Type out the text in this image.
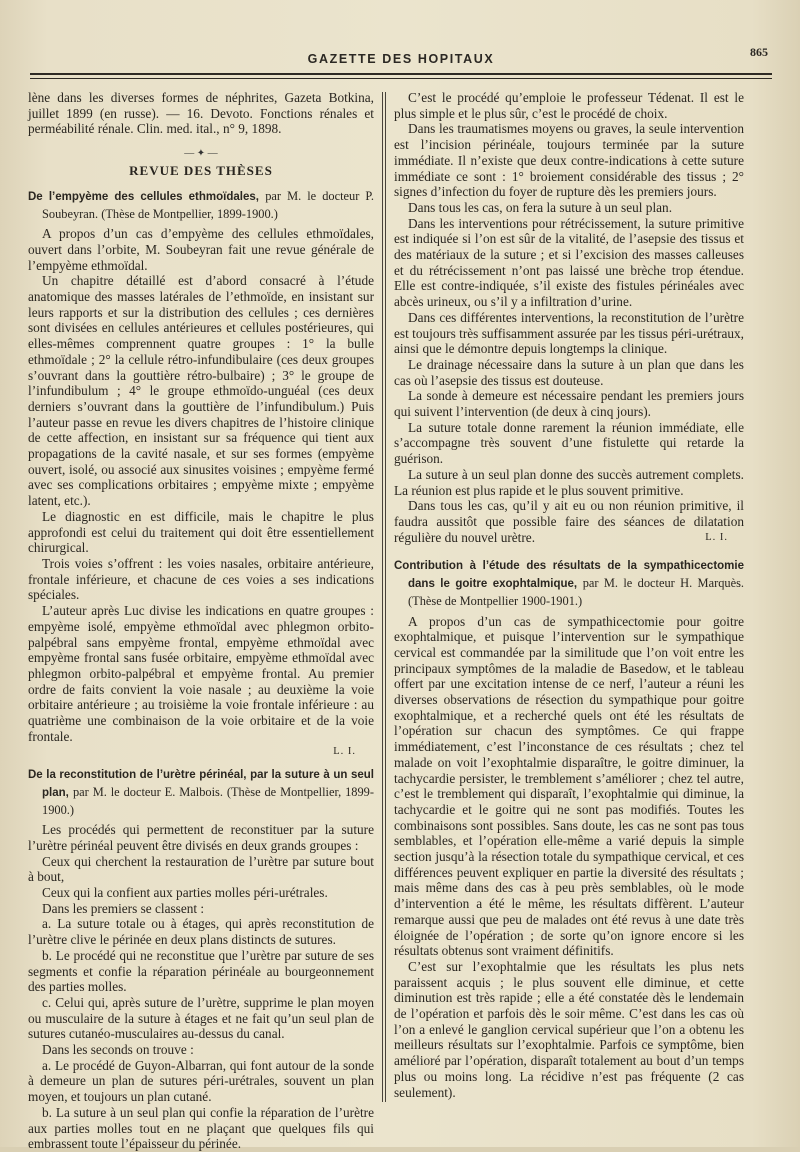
GAZETTE DES HOPITAUX	865

lène dans les diverses formes de néphrites, Gazeta Botkina, juillet 1899 (en russe). — 16. Devoto. Fonctions rénales et perméabilité rénale. Clin. med. ital., n° 9, 1898.

— ✦ —
REVUE DES THÈSES

De l’empyème des cellules ethmoïdales, par M. le docteur P. Soubeyran. (Thèse de Montpellier, 1899-1900.)

A propos d’un cas d’empyème des cellules ethmoïdales, ouvert dans l’orbite, M. Soubeyran fait une revue générale de l’empyème ethmoïdal.

Un chapitre détaillé est d’abord consacré à l’étude anatomique des masses latérales de l’ethmoïde, en insistant sur leurs rapports et sur la distribution des cellules ; ces dernières sont divisées en cellules antérieures et cellules postérieures, qui elles-mêmes comprennent quatre groupes : 1° la bulle ethmoïdale ; 2° la cellule rétro-infundibulaire (ces deux groupes s’ouvrant dans la gouttière rétro-bulbaire) ; 3° le groupe de l’infundibulum ; 4° le groupe ethmoïdo-unguéal (ces deux derniers s’ouvrant dans la gouttière de l’infundibulum.) Puis l’auteur passe en revue les divers chapitres de l’histoire clinique de cette affection, en insistant sur sa fréquence qui tient aux propagations de la cavité nasale, et sur ses formes (empyème ouvert, isolé, ou associé aux sinusites voisines ; empyème fermé avec ses complications orbitaires ; empyème mixte ; empyème latent, etc.).

Le diagnostic en est difficile, mais le chapitre le plus approfondi est celui du traitement qui doit être essentiellement chirurgical.

Trois voies s’offrent : les voies nasales, orbitaire antérieure, frontale inférieure, et chacune de ces voies a ses indications spéciales.

L’auteur après Luc divise les indications en quatre groupes : empyème isolé, empyème ethmoïdal avec phlegmon orbito-palpébral sans empyème frontal, empyème ethmoïdal avec empyème frontal sans fusée orbitaire, empyème ethmoïdal avec phlegmon orbito-palpébral et empyème frontal. Au premier ordre de faits convient la voie nasale ; au deuxième la voie orbitaire antérieure ; au troisième la voie frontale inférieure : au quatrième une combinaison de la voie orbitaire et de la voie frontale.

L. I.

De la reconstitution de l’urètre périnéal, par la suture à un seul plan, par M. le docteur E. Malbois. (Thèse de Montpellier, 1899-1900.)

Les procédés qui permettent de reconstituer par la suture l’urètre périnéal peuvent être divisés en deux grands groupes :

Ceux qui cherchent la restauration de l’urètre par suture bout à bout,

Ceux qui la confient aux parties molles péri-urétrales.

Dans les premiers se classent :

a. La suture totale ou à étages, qui après reconstitution de l’urètre clive le périnée en deux plans distincts de sutures.

b. Le procédé qui ne reconstitue que l’urètre par suture de ses segments et confie la réparation périnéale au bourgeonnement des parties molles.

c. Celui qui, après suture de l’urètre, supprime le plan moyen ou musculaire de la suture à étages et ne fait qu’un seul plan de sutures cutanéo-musculaires au-dessus du canal.

Dans les seconds on trouve :

a. Le procédé de Guyon-Albarran, qui font autour de la sonde à demeure un plan de sutures péri-urétrales, souvent un plan moyen, et toujours un plan cutané.

b. La suture à un seul plan qui confie la réparation de l’urètre aux parties molles tout en ne plaçant que quelques fils qui embrassent toute l’épaisseur du périnée.

C’est le procédé qu’emploie le professeur Tédenat. Il est le plus simple et le plus sûr, c’est le procédé de choix.

Dans les traumatismes moyens ou graves, la seule intervention est l’incision périnéale, toujours terminée par la suture immédiate. Il n’existe que deux contre-indications à cette suture immédiate ce sont : 1° broiement considérable des tissus ; 2° signes d’infection du foyer de rupture dès les premiers jours.

Dans tous les cas, on fera la suture à un seul plan.

Dans les interventions pour rétrécissement, la suture primitive est indiquée si l’on est sûr de la vitalité, de l’asepsie des tissus et des matériaux de la suture ; et si l’excision des masses calleuses et du rétrécissement n’ont pas laissé une brèche trop étendue. Elle est contre-indiquée, s’il existe des fistules périnéales avec abcès urineux, ou s’il y a infiltration d’urine.

Dans ces différentes interventions, la reconstitution de l’urètre est toujours très suffisamment assurée par les tissus péri-urétraux, ainsi que le démontre depuis longtemps la clinique.

Le drainage nécessaire dans la suture à un plan que dans les cas où l’asepsie des tissus est douteuse.

La sonde à demeure est nécessaire pendant les premiers jours qui suivent l’intervention (de deux à cinq jours).

La suture totale donne rarement la réunion immédiate, elle s’accompagne très souvent d’une fistulette qui retarde la guérison.

La suture à un seul plan donne des succès autrement complets. La réunion est plus rapide et le plus souvent primitive.

Dans tous les cas, qu’il y ait eu ou non réunion primitive, il faudra aussitôt que possible faire des séances de dilatation régulière du nouvel urètre.	L. I.

Contribution à l’étude des résultats de la sympathicectomie dans le goitre exophtalmique, par M. le docteur H. Marquès. (Thèse de Montpellier 1900-1901.)

A propos d’un cas de sympathicectomie pour goitre exophtalmique, et puisque l’intervention sur le sympathique cervical est commandée par la similitude que l’on voit entre les principaux symptômes de la maladie de Basedow, et le tableau offert par une excitation intense de ce nerf, l’auteur a réuni les diverses observations de résection du sympathique pour goitre exophtalmique, et a recherché quels ont été les résultats de l’opération sur chacun des symptômes. Ce qui frappe immédiatement, c’est l’inconstance de ces résultats ; chez tel malade on voit l’exophtalmie disparaître, le goitre diminuer, la tachycardie persister, le tremblement s’améliorer ; chez tel autre, c’est le tremblement qui disparaît, l’exophtalmie qui diminue, la tachycardie et le goitre qui ne sont pas modifiés. Toutes les combinaisons sont possibles. Sans doute, les cas ne sont pas tous semblables, et l’opération elle-même a varié depuis la simple section jusqu’à la résection totale du sympathique cervical, et ces différences peuvent expliquer en partie la diversité des résultats ; mais même dans des cas à peu près semblables, où le mode d’intervention a été le même, les résultats diffèrent. L’auteur remarque aussi que peu de malades ont été revus à une date très éloignée de l’opération ; de sorte qu’on ignore encore si les résultats obtenus sont vraiment définitifs.

C’est sur l’exophtalmie que les résultats les plus nets paraissent acquis ; le plus souvent elle diminue, et cette diminution est très rapide ; elle a été constatée dès le lendemain de l’opération et parfois dès le soir même. C’est dans les cas où l’on a enlevé le ganglion cervical supérieur que l’on a obtenu les meilleurs résultats sur l’exophtalmie. Parfois ce symptôme, bien amélioré par l’opération, disparaît totalement au bout d’un temps plus ou moins long. La récidive n’est pas fréquente (2 cas seulement).
